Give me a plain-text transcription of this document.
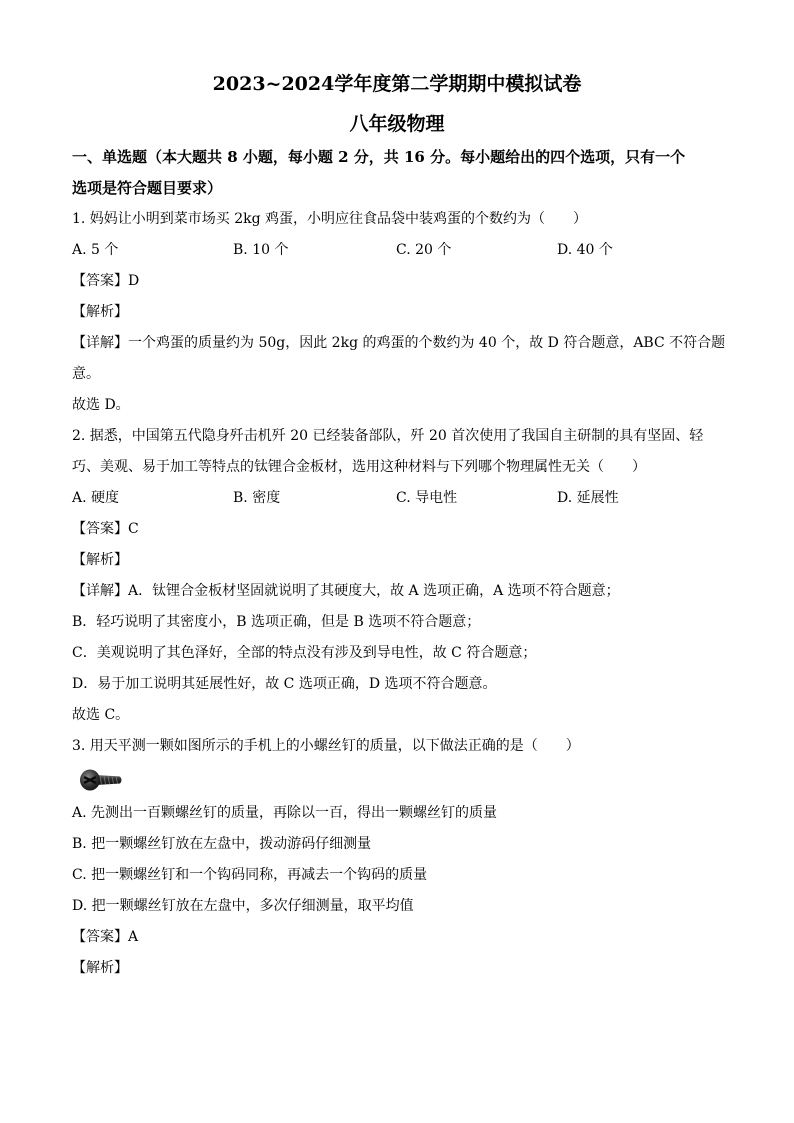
2023~2024学年度第二学期期中模拟试卷
八年级物理
一、单选题（本大题共 8 小题，每小题 2 分，共 16 分。每小题给出的四个选项，只有一个
选项是符合题目要求）
1. 妈妈让小明到菜市场买 2kg 鸡蛋，小明应往食品袋中装鸡蛋的个数约为（　　）
A. 5 个	B. 10 个	C. 20 个	D. 40 个
【答案】D
【解析】
【详解】一个鸡蛋的质量约为 50g，因此 2kg 的鸡蛋的个数约为 40 个，故 D 符合题意，ABC 不符合题
意。
故选 D。
2. 据悉，中国第五代隐身歼击机歼 20 已经装备部队，歼 20 首次使用了我国自主研制的具有坚固、轻
巧、美观、易于加工等特点的钛锂合金板材，选用这种材料与下列哪个物理属性无关（　　）
A. 硬度	B. 密度	C. 导电性	D. 延展性
【答案】C
【解析】
【详解】A．钛锂合金板材坚固就说明了其硬度大，故 A 选项正确，A 选项不符合题意；
B．轻巧说明了其密度小，B 选项正确，但是 B 选项不符合题意；
C．美观说明了其色泽好，全部的特点没有涉及到导电性，故 C 符合题意；
D．易于加工说明其延展性好，故 C 选项正确，D 选项不符合题意。
故选 C。
3. 用天平测一颗如图所示的手机上的小螺丝钉的质量，以下做法正确的是（　　）
A. 先测出一百颗螺丝钉的质量，再除以一百，得出一颗螺丝钉的质量
B. 把一颗螺丝钉放在左盘中，拨动游码仔细测量
C. 把一颗螺丝钉和一个钩码同称，再减去一个钩码的质量
D. 把一颗螺丝钉放在左盘中，多次仔细测量，取平均值
【答案】A
【解析】
